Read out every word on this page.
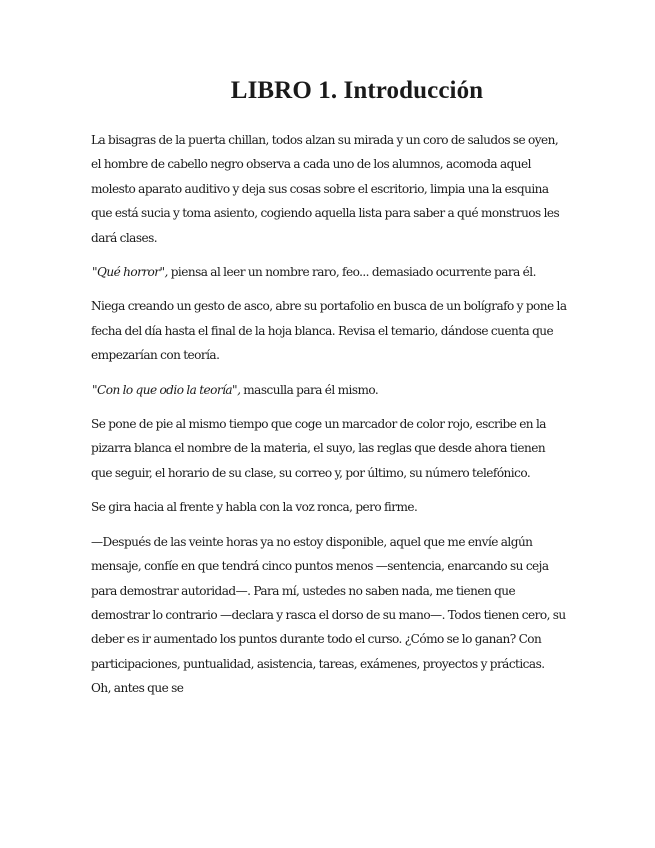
LIBRO 1. Introducción

La bisagras de la puerta chillan, todos alzan su mirada y un coro de saludos se oyen, el hombre de cabello negro observa a cada uno de los alumnos, acomoda aquel molesto aparato auditivo y deja sus cosas sobre el escritorio, limpia una la esquina que está sucia y toma asiento, cogiendo aquella lista para saber a qué monstruos les dará clases.

"Qué horror", piensa al leer un nombre raro, feo... demasiado ocurrente para él.

Niega creando un gesto de asco, abre su portafolio en busca de un bolígrafo y pone la fecha del día hasta el final de la hoja blanca. Revisa el temario, dándose cuenta que empezarían con teoría.

"Con lo que odio la teoría", masculla para él mismo.

Se pone de pie al mismo tiempo que coge un marcador de color rojo, escribe en la pizarra blanca el nombre de la materia, el suyo, las reglas que desde ahora tienen que seguir, el horario de su clase, su correo y, por último, su número telefónico.

Se gira hacia al frente y habla con la voz ronca, pero firme.

—Después de las veinte horas ya no estoy disponible, aquel que me envíe algún mensaje, confíe en que tendrá cinco puntos menos —sentencia, enarcando su ceja para demostrar autoridad—. Para mí, ustedes no saben nada, me tienen que demostrar lo contrario —declara y rasca el dorso de su mano—. Todos tienen cero, su deber es ir aumentado los puntos durante todo el curso. ¿Cómo se lo ganan? Con participaciones, puntualidad, asistencia, tareas, exámenes, proyectos y prácticas. Oh, antes que se
